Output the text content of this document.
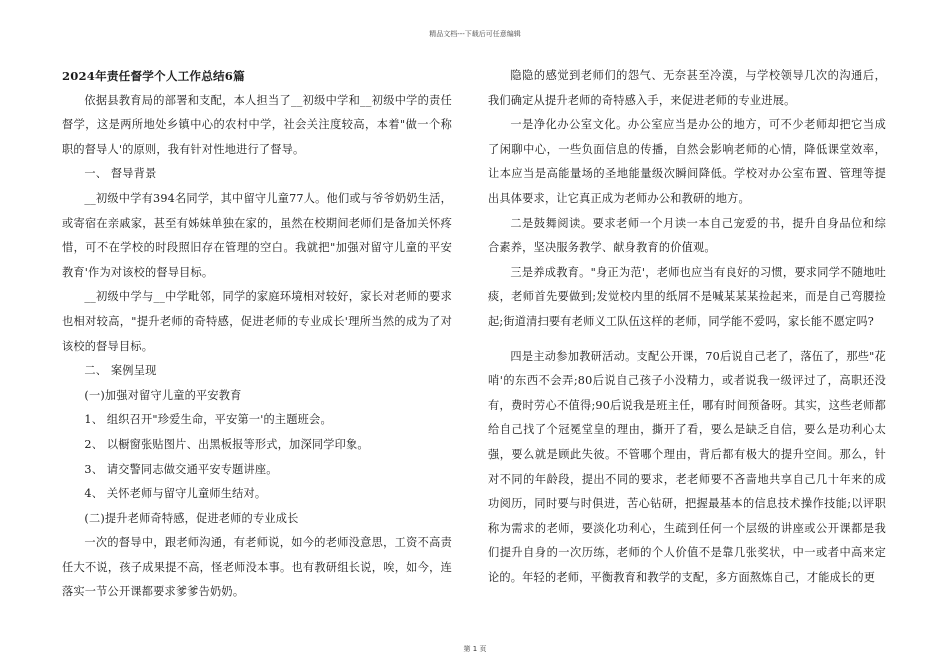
精品文档---下载后可任意编辑

2024年责任督学个人工作总结6篇

依据县教育局的部署和支配，本人担当了__初级中学和__初级中学的责任督学，这是两所地处乡镇中心的农村中学，社会关注度较高，本着"做一个称职的督导人'的原则，我有针对性地进行了督导。

一、 督导背景

__初级中学有394名同学，其中留守儿童77人。他们或与爷爷奶奶生活，或寄宿在亲戚家，甚至有姊妹单独在家的，虽然在校期间老师们是备加关怀疼惜，可不在学校的时段照旧存在管理的空白。我就把"加强对留守儿童的平安教育'作为对该校的督导目标。

__初级中学与__中学毗邻，同学的家庭环境相对较好，家长对老师的要求也相对较高，"提升老师的奇特感，促进老师的专业成长'理所当然的成为了对该校的督导目标。

二、 案例呈现

(一)加强对留守儿童的平安教育

1、 组织召开"珍爱生命，平安第一'的主题班会。

2、 以橱窗张贴图片、出黑板报等形式，加深同学印象。

3、 请交警同志做交通平安专题讲座。

4、 关怀老师与留守儿童师生结对。

(二)提升老师奇特感，促进老师的专业成长

一次的督导中，跟老师沟通，有老师说，如今的老师没意思，工资不高责任大不说，孩子成果提不高，怪老师没本事。也有教研组长说，唉，如今，连落实一节公开课都要求爹爹告奶奶。

隐隐的感觉到老师们的怨气、无奈甚至冷漠，与学校领导几次的沟通后，我们确定从提升老师的奇特感入手，来促进老师的专业进展。

一是净化办公室文化。办公室应当是办公的地方，可不少老师却把它当成了闲聊中心，一些负面信息的传播，自然会影响老师的心情，降低课堂效率，让本应当是高能量场的圣地能量级次瞬间降低。学校对办公室布置、管理等提出具体要求，让它真正成为老师办公和教研的地方。

二是鼓舞阅读。要求老师一个月读一本自己宠爱的书，提升自身品位和综合素养，坚决服务教学、献身教育的价值观。

三是养成教育。"身正为范'，老师也应当有良好的习惯，要求同学不随地吐痰，老师首先要做到;发觉校内里的纸屑不是喊某某某捡起来，而是自己弯腰捡起;街道清扫要有老师义工队伍这样的老师，同学能不爱吗，家长能不愿定吗?

四是主动参加教研活动。支配公开课，70后说自己老了，落伍了，那些"花哨'的东西不会弄;80后说自己孩子小没精力，或者说我一级评过了，高职还没有，费时劳心不值得;90后说我是班主任，哪有时间预备呀。其实，这些老师都给自己找了个冠冕堂皇的理由，撕开了看，要么是缺乏自信，要么是功利心太强，要么就是顾此失彼。不管哪个理由，背后都有极大的提升空间。那么，针对不同的年龄段，提出不同的要求，老老师要不吝啬地共享自己几十年来的成功阅历，同时要与时俱进，苦心钻研，把握最基本的信息技术操作技能;以评职称为需求的老师，要淡化功利心，生疏到任何一个层级的讲座或公开课都是我们提升自身的一次历练，老师的个人价值不是靠几张奖状，中一或者中高来定论的。年轻的老师，平衡教育和教学的支配，多方面熬炼自己，才能成长的更

第 1 页
